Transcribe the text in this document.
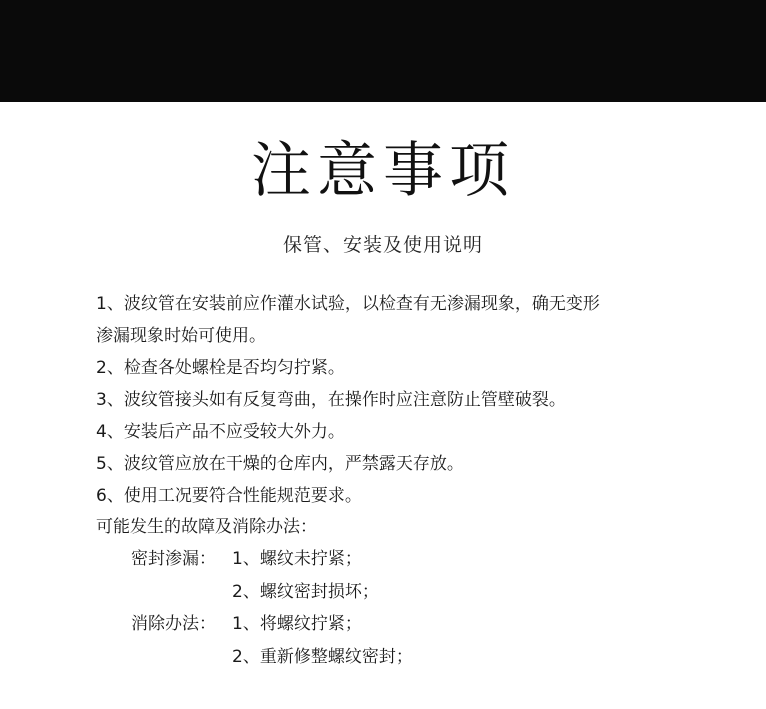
注意事项
保管、安装及使用说明
1、波纹管在安装前应作灌水试验，以检查有无渗漏现象，确无变形
渗漏现象时始可使用。
2、检查各处螺栓是否均匀拧紧。
3、波纹管接头如有反复弯曲，在操作时应注意防止管壁破裂。
4、安装后产品不应受较大外力。
5、波纹管应放在干燥的仓库内，严禁露天存放。
6、使用工况要符合性能规范要求。
可能发生的故障及消除办法：
密封渗漏： 1、螺纹未拧紧；
2、螺纹密封损坏；
消除办法： 1、将螺纹拧紧；
2、重新修整螺纹密封；
